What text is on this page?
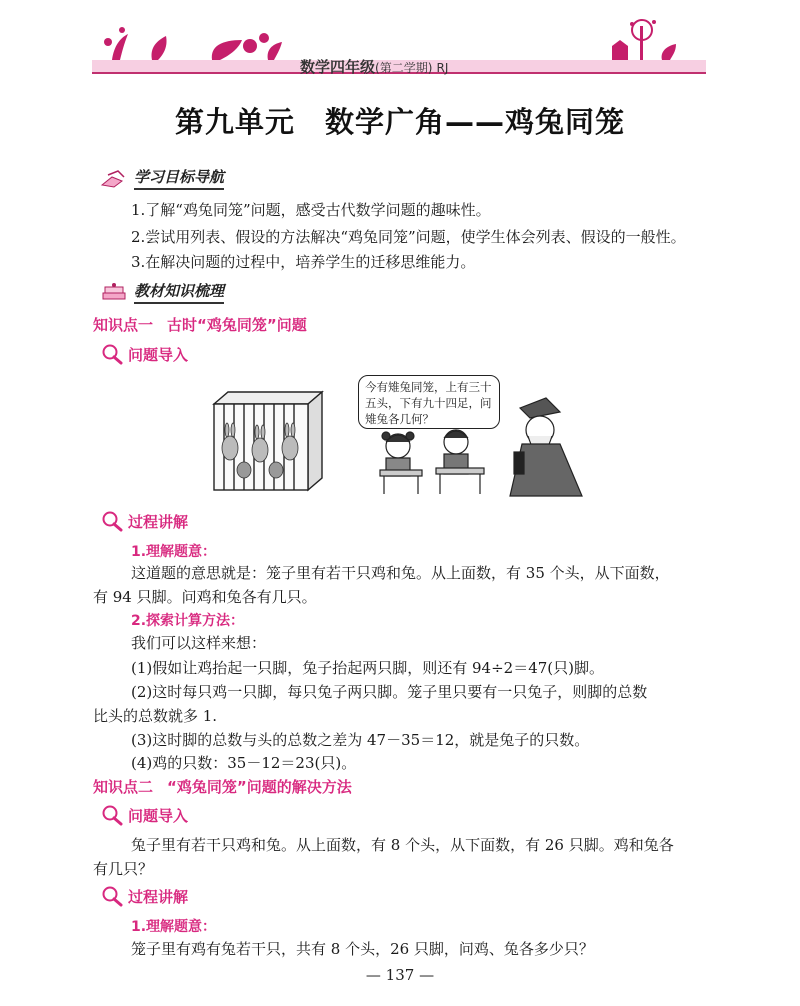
数学四年级(第二学期) RJ
第九单元　数学广角——鸡兔同笼
学习目标导航
1.了解“鸡兔同笼”问题，感受古代数学问题的趣味性。
2.尝试用列表、假设的方法解决“鸡兔同笼”问题，使学生体会列表、假设的一般性。
3.在解决问题的过程中，培养学生的迁移思维能力。
教材知识梳理
知识点一 古时“鸡兔同笼”问题
问题导入
今有雉兔同笼，上有三十五头，下有九十四足，问雉兔各几何？
过程讲解
1.理解题意：
这道题的意思就是：笼子里有若干只鸡和兔。从上面数，有 35 个头，从下面数，
有 94 只脚。问鸡和兔各有几只。
2.探索计算方法：
我们可以这样来想：
(1)假如让鸡抬起一只脚，兔子抬起两只脚，则还有 94÷2＝47(只)脚。
(2)这时每只鸡一只脚，每只兔子两只脚。笼子里只要有一只兔子，则脚的总数
比头的总数就多 1.
(3)这时脚的总数与头的总数之差为 47－35＝12，就是兔子的只数。
(4)鸡的只数：35－12＝23(只)。
知识点二 “鸡兔同笼”问题的解决方法
问题导入
兔子里有若干只鸡和兔。从上面数，有 8 个头，从下面数，有 26 只脚。鸡和兔各
有几只？
过程讲解
1.理解题意：
笼子里有鸡有兔若干只，共有 8 个头，26 只脚，问鸡、兔各多少只？
— 137 —
